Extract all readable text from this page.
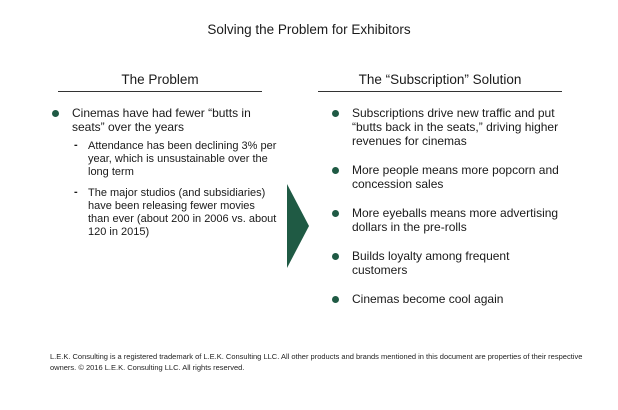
Solving the Problem for Exhibitors
The Problem	The “Subscription” Solution
Cinemas have had fewer “butts in seats” over the years
- Attendance has been declining 3% per year, which is unsustainable over the long term
- The major studios (and subsidiaries) have been releasing fewer movies than ever (about 200 in 2006 vs. about 120 in 2015)
Subscriptions drive new traffic and put “butts back in the seats,” driving higher revenues for cinemas
More people means more popcorn and concession sales
More eyeballs means more advertising dollars in the pre-rolls
Builds loyalty among frequent customers
Cinemas become cool again
L.E.K. Consulting is a registered trademark of L.E.K. Consulting LLC. All other products and brands mentioned in this document are properties of their respective owners. © 2016 L.E.K. Consulting LLC. All rights reserved.
